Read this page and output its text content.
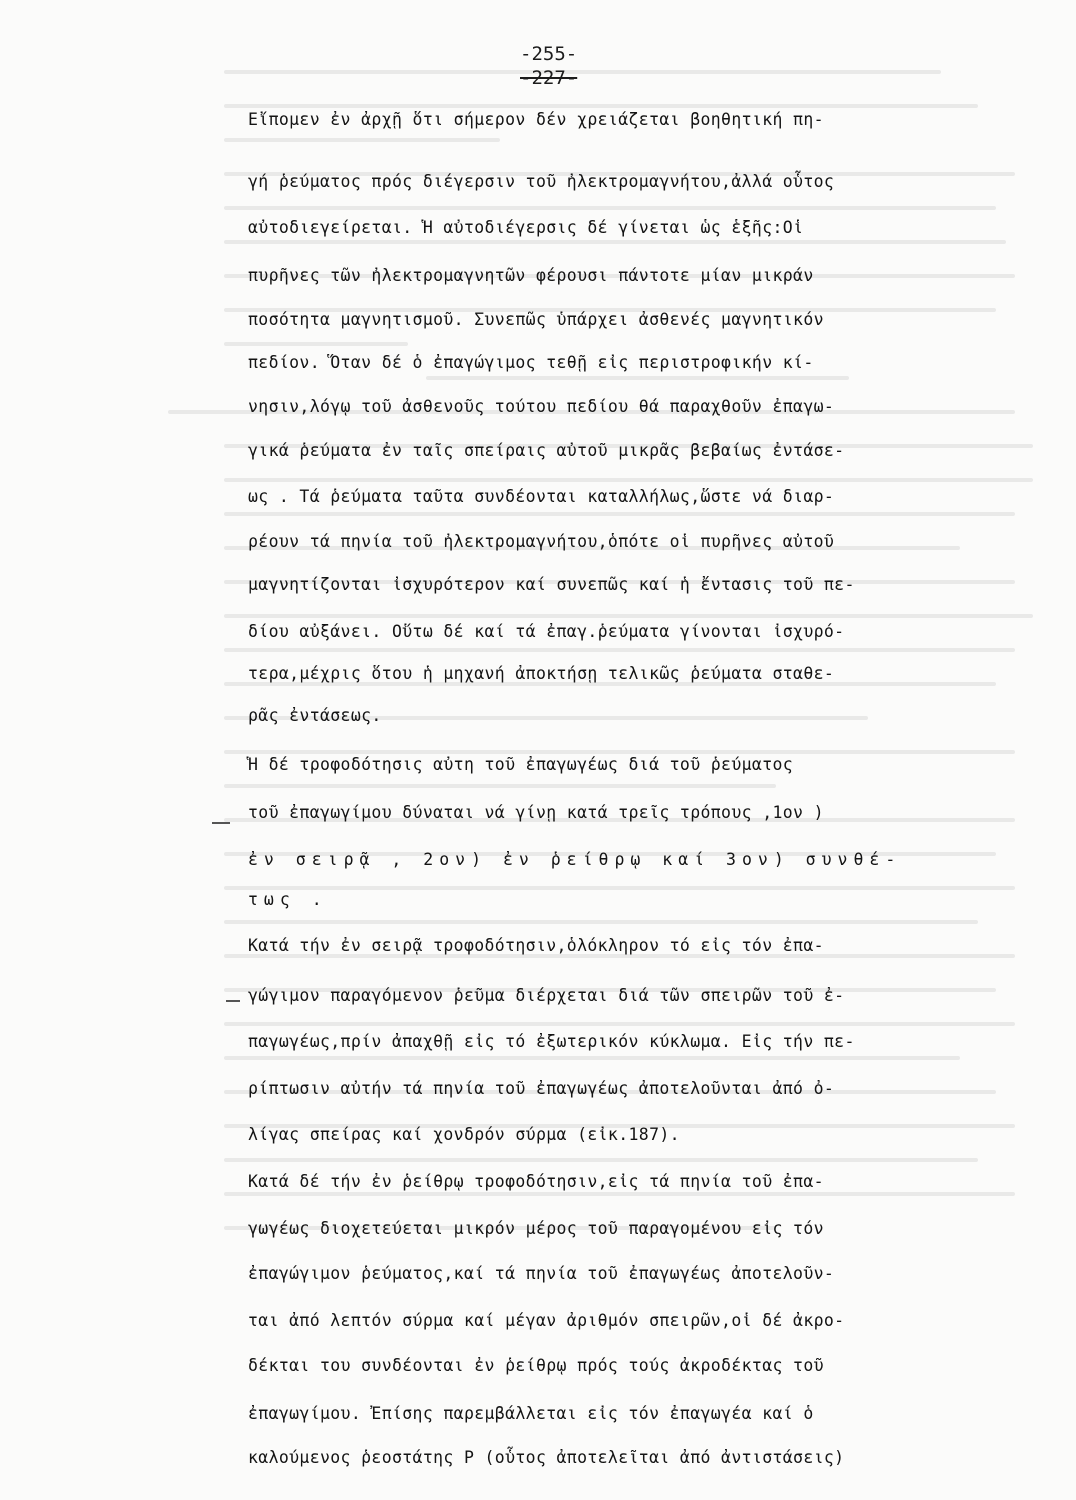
-255-
-227-
Εἴπομεν ἐν ἀρχῇ ὅτι σήμερον δέν χρειάζεται βοηθητική πη-
γή ῥεύματος πρός διέγερσιν τοῦ ἠλεκτρομαγνήτου,ἀλλά οὗτος
αὐτοδιεγείρεται. Ἡ αὐτοδιέγερσις δέ γίνεται ὡς ἑξῆς:Οἱ
πυρῆνες τῶν ἠλεκτρομαγνητῶν φέρουσι πάντοτε μίαν μικράν
ποσότητα μαγνητισμοῦ. Συνεπῶς ὑπάρχει ἀσθενές μαγνητικόν
πεδίον. Ὅταν δέ ὁ ἐπαγώγιμος τεθῇ εἰς περιστροφικήν κί-
νησιν,λόγῳ τοῦ ἀσθενοῦς τούτου πεδίου θά παραχθοῦν ἐπαγω-
γικά ῥεύματα ἐν ταῖς σπείραις αὐτοῦ μικρᾶς βεβαίως ἐντάσε-
ως . Τά ῥεύματα ταῦτα συνδέονται καταλλήλως,ὥστε νά διαρ-
ρέουν τά πηνία τοῦ ἠλεκτρομαγνήτου,ὁπότε οἱ πυρῆνες αὐτοῦ
μαγνητίζονται ἰσχυρότερον καί συνεπῶς καί ἡ ἔντασις τοῦ πε-
δίου αὐξάνει. Οὕτω δέ καί τά ἐπαγ.ῥεύματα γίνονται ἰσχυρό-
τερα,μέχρις ὅτου ἡ μηχανή ἀποκτήσῃ τελικῶς ῥεύματα σταθε-
ρᾶς ἐντάσεως.
Ἡ δέ τροφοδότησις αὐτη τοῦ ἐπαγωγέως διά τοῦ ῥεύματος
τοῦ ἐπαγωγίμου δύναται νά γίνῃ κατά τρεῖς τρόπους ,1ον )
ἐν σειρᾷ , 2ον) ἐν ῥείθρῳ καί 3ον) συνθέ-
τως .
Κατά τήν ἐν σειρᾷ τροφοδότησιν,ὁλόκληρον τό εἰς τόν ἐπα-
γώγιμον παραγόμενον ῥεῦμα διέρχεται διά τῶν σπειρῶν τοῦ ἐ-
παγωγέως,πρίν ἀπαχθῇ εἰς τό ἐξωτερικόν κύκλωμα. Εἰς τήν πε-
ρίπτωσιν αὐτήν τά πηνία τοῦ ἐπαγωγέως ἀποτελοῦνται ἀπό ὀ-
λίγας σπείρας καί χονδρόν σύρμα (εἰκ.187).
Κατά δέ τήν ἐν ῥείθρῳ τροφοδότησιν,εἰς τά πηνία τοῦ ἐπα-
γωγέως διοχετεύεται μικρόν μέρος τοῦ παραγομένου εἰς τόν
ἐπαγώγιμον ῥεύματος,καί τά πηνία τοῦ ἐπαγωγέως ἀποτελοῦν-
ται ἀπό λεπτόν σύρμα καί μέγαν ἀριθμόν σπειρῶν,οἱ δέ ἀκρο-
δέκται του συνδέονται ἐν ῥείθρῳ πρός τούς ἀκροδέκτας τοῦ
ἐπαγωγίμου. Ἐπίσης παρεμβάλλεται εἰς τόν ἐπαγωγέα καί ὁ
καλούμενος ῥεοστάτης Ρ (οὗτος ἀποτελεῖται ἀπό ἀντιστάσεις)
